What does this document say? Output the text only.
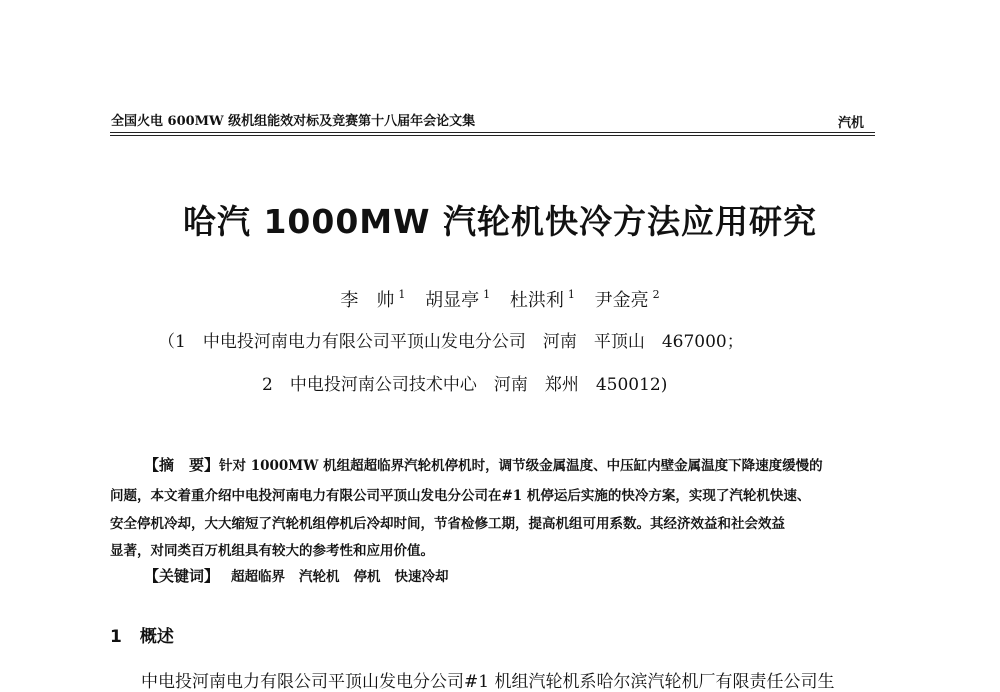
全国火电 600MW 级机组能效对标及竞赛第十八届年会论文集	汽机
哈汽 1000MW 汽轮机快冷方法应用研究
李　帅 $^1$ 胡显亭 $^1$ 杜洪利 $^1$ 尹金亮 $^2$
（1　中电投河南电力有限公司平顶山发电分公司　河南　平顶山　467000；
2　中电投河南公司技术中心　河南　郑州　450012)
【摘　要】针对 1000MW 机组超超临界汽轮机停机时，调节级金属温度、中压缸内壁金属温度下降速度缓慢的
问题，本文着重介绍中电投河南电力有限公司平顶山发电分公司在#1 机停运后实施的快冷方案，实现了汽轮机快速、
安全停机冷却，大大缩短了汽轮机组停机后冷却时间，节省检修工期，提高机组可用系数。其经济效益和社会效益
显著，对同类百万机组具有较大的参考性和应用价值。
【关键词】 超超临界 汽轮机 停机 快速冷却
1 概述
中电投河南电力有限公司平顶山发电分公司#1 机组汽轮机系哈尔滨汽轮机厂有限责任公司生
